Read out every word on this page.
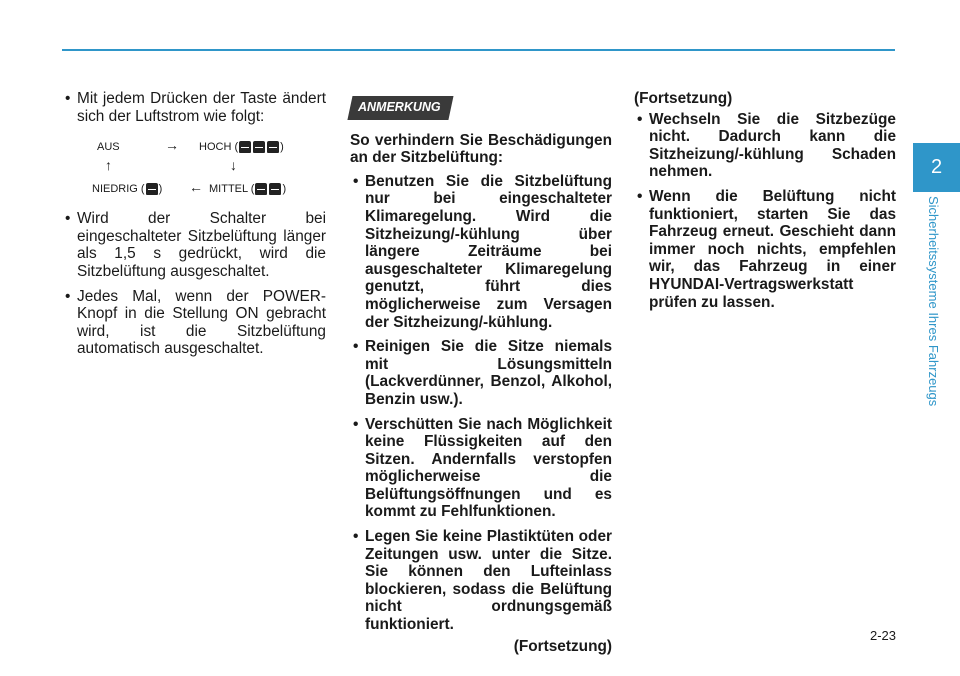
• Mit jedem Drücken der Taste ändert sich der Luftstrom wie folgt:
AUS	→ HOCH (	)
↑	↓
NIEDRIG ( ) ← MITTEL (	)
• Wird der Schalter bei eingeschalteter Sitzbelüftung länger als 1,5 s gedrückt, wird die Sitzbelüftung ausgeschaltet.
• Jedes Mal, wenn der POWER-Knopf in die Stellung ON gebracht wird, ist die Sitzbelüftung automatisch ausgeschaltet.
ANMERKUNG

So verhindern Sie Beschädigungen an der Sitzbelüftung:

• Benutzen Sie die Sitzbelüftung nur bei eingeschalteter Klimaregelung. Wird die Sitzheizung/-kühlung über längere Zeiträume bei ausgeschalteter Klimaregelung genutzt, führt dies möglicherweise zum Versagen der Sitzheizung/-kühlung.
• Reinigen Sie die Sitze niemals mit Lösungsmitteln (Lackverdünner, Benzol, Alkohol, Benzin usw.).
• Verschütten Sie nach Möglichkeit keine Flüssigkeiten auf den Sitzen. Andernfalls verstopfen möglicherweise die Belüftungsöffnungen und es kommt zu Fehlfunktionen.
• Legen Sie keine Plastiktüten oder Zeitungen usw. unter die Sitze. Sie können den Lufteinlass blockieren, sodass die Belüftung nicht ordnungsgemäß funktioniert.

(Fortsetzung)

(Fortsetzung)

• Wechseln Sie die Sitzbezüge nicht. Dadurch kann die Sitzheizung/-kühlung Schaden nehmen.
• Wenn die Belüftung nicht funktioniert, starten Sie das Fahrzeug erneut. Geschieht dann immer noch nichts, empfehlen wir, das Fahrzeug in einer HYUNDAI-Vertragswerkstatt prüfen zu lassen.
2
Sicherheitssysteme Ihres Fahrzeugs
2-23
